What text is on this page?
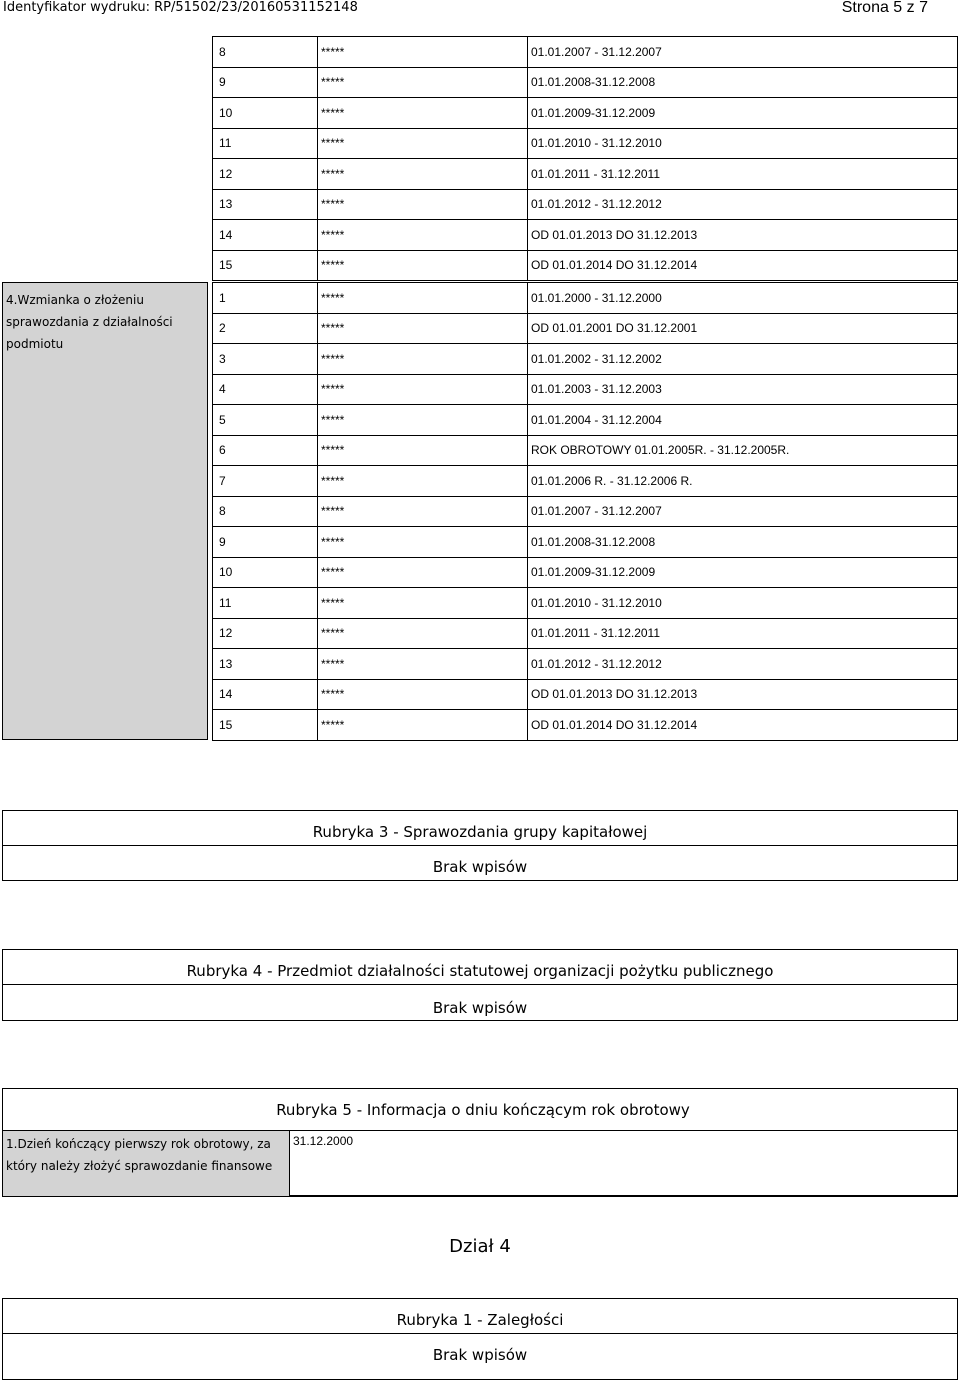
Identyfikator wydruku: RP/51502/23/20160531152148	Strona 5 z 7
8	*****	01.01.2007 - 31.12.2007
9	*****	01.01.2008-31.12.2008
10	*****	01.01.2009-31.12.2009
11	*****	01.01.2010 - 31.12.2010
12	*****	01.01.2011 - 31.12.2011
13	*****	01.01.2012 - 31.12.2012
14	*****	OD 01.01.2013 DO 31.12.2013
15	*****	OD 01.01.2014 DO 31.12.2014
4.Wzmianka o złożeniu sprawozdania z działalności podmiotu
1	*****	01.01.2000 - 31.12.2000
2	*****	OD 01.01.2001 DO 31.12.2001
3	*****	01.01.2002 - 31.12.2002
4	*****	01.01.2003 - 31.12.2003
5	*****	01.01.2004 - 31.12.2004
6	*****	ROK OBROTOWY 01.01.2005R. - 31.12.2005R.
7	*****	01.01.2006 R. - 31.12.2006 R.
8	*****	01.01.2007 - 31.12.2007
9	*****	01.01.2008-31.12.2008
10	*****	01.01.2009-31.12.2009
11	*****	01.01.2010 - 31.12.2010
12	*****	01.01.2011 - 31.12.2011
13	*****	01.01.2012 - 31.12.2012
14	*****	OD 01.01.2013 DO 31.12.2013
15	*****	OD 01.01.2014 DO 31.12.2014
Rubryka 3 - Sprawozdania grupy kapitałowej
Brak wpisów
Rubryka 4 - Przedmiot działalności statutowej organizacji pożytku publicznego
Brak wpisów
Rubryka 5 - Informacja o dniu kończącym rok obrotowy
1.Dzień kończący pierwszy rok obrotowy, za który należy złożyć sprawozdanie finansowe
31.12.2000
Dział 4
Rubryka 1 - Zaległości
Brak wpisów
